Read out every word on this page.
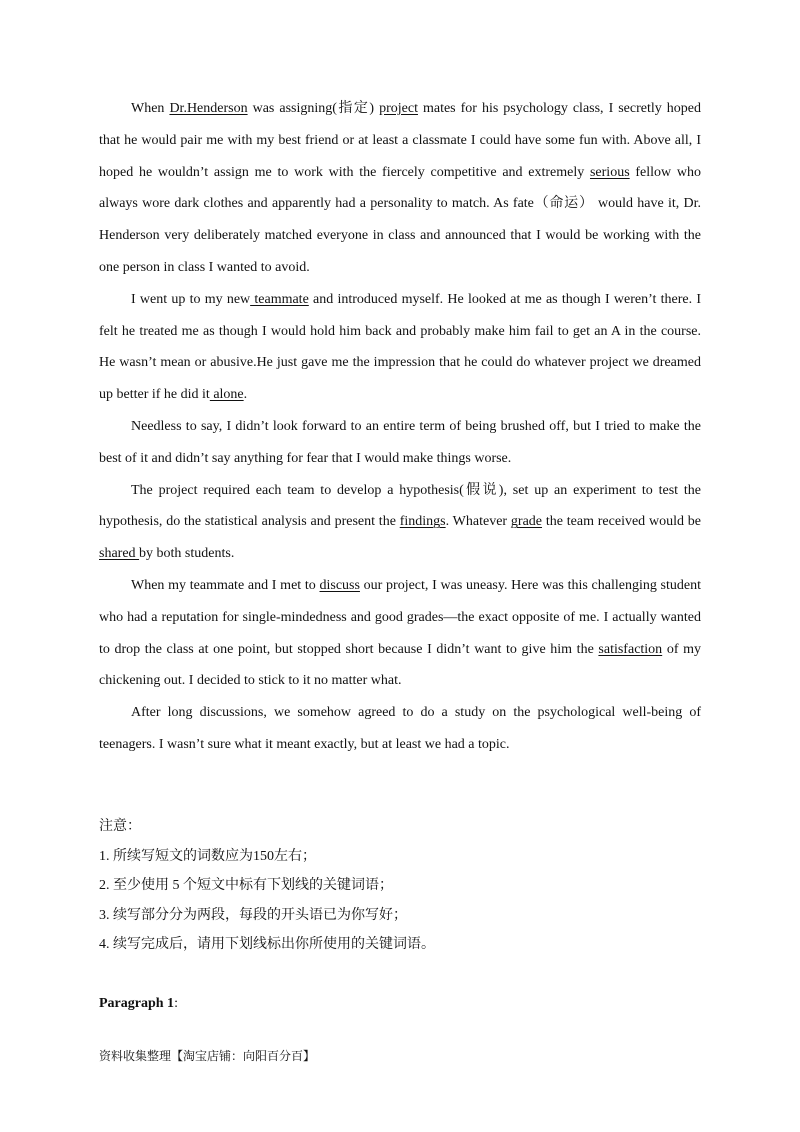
When Dr.Henderson was assigning(指定) project mates for his psychology class, I secretly hoped that he would pair me with my best friend or at least a classmate I could have some fun with. Above all, I hoped he wouldn’t assign me to work with the fiercely competitive and extremely serious fellow who always wore dark clothes and apparently had a personality to match. As fate（命运） would have it, Dr. Henderson very deliberately matched everyone in class and announced that I would be working with the one person in class I wanted to avoid.

I went up to my new teammate and introduced myself. He looked at me as though I weren’t there. I felt he treated me as though I would hold him back and probably make him fail to get an A in the course. He wasn’t mean or abusive.He just gave me the impression that he could do whatever project we dreamed up better if he did it alone.

Needless to say, I didn’t look forward to an entire term of being brushed off, but I tried to make the best of it and didn’t say anything for fear that I would make things worse.

The project required each team to develop a hypothesis(假说), set up an experiment to test the hypothesis, do the statistical analysis and present the findings. Whatever grade the team received would be shared by both students.

When my teammate and I met to discuss our project, I was uneasy. Here was this challenging student who had a reputation for single-mindedness and good grades—the exact opposite of me. I actually wanted to drop the class at one point, but stopped short because I didn’t want to give him the satisfaction of my chickening out. I decided to stick to it no matter what.

After long discussions, we somehow agreed to do a study on the psychological well-being of teenagers. I wasn’t sure what it meant exactly, but at least we had a topic.

注意：
1. 所续写短文的词数应为150左右；
2. 至少使用 5 个短文中标有下划线的关键词语；
3. 续写部分分为两段，每段的开头语已为你写好；
4. 续写完成后，请用下划线标出你所使用的关键词语。
Paragraph 1:
资料收集整理【淘宝店铺：向阳百分百】
